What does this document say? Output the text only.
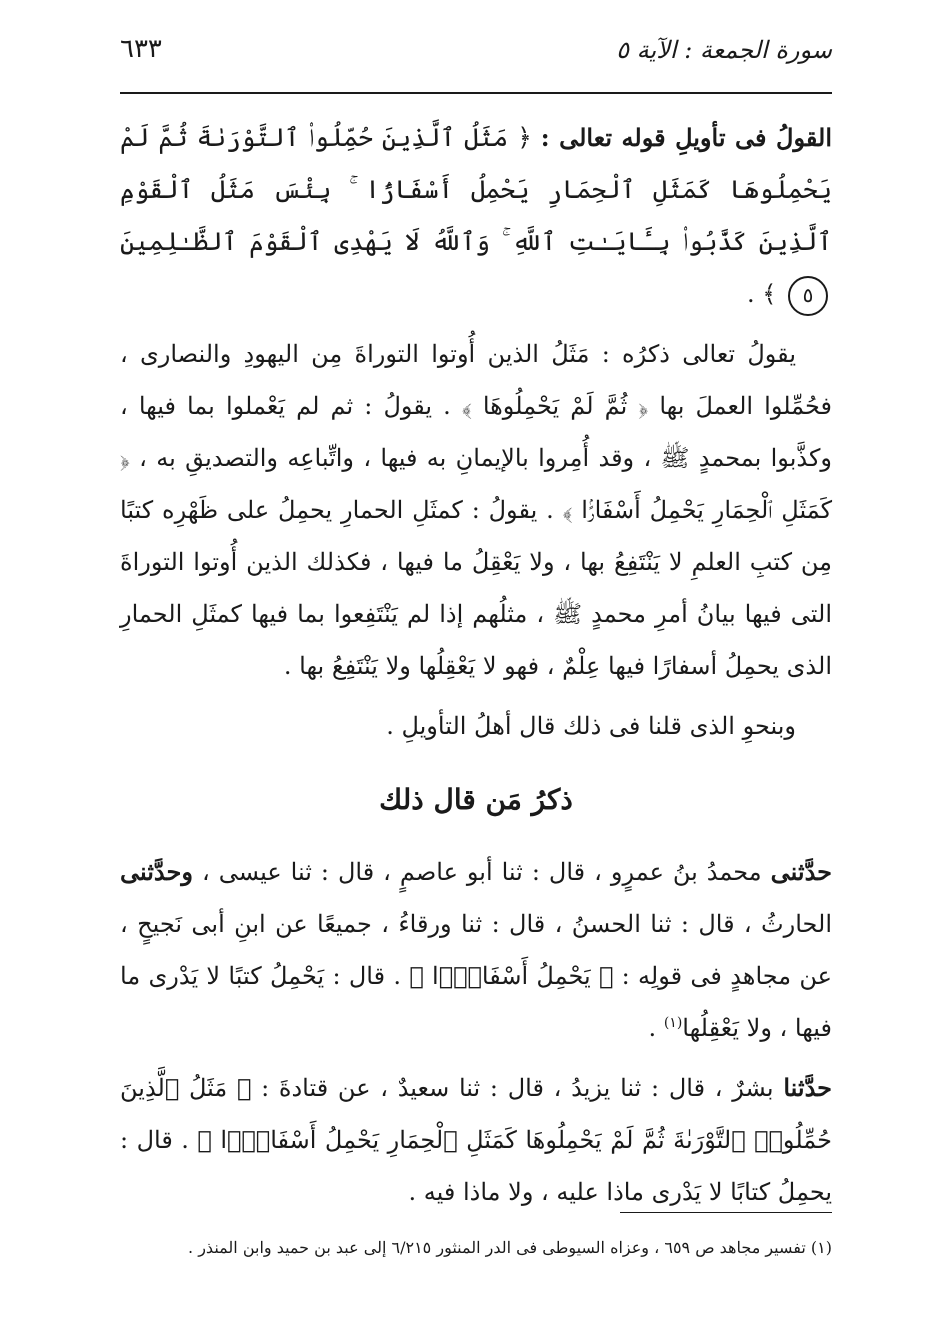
سورة الجمعة : الآية ٥
٦٣٣

القولُ فى تأويلِ قوله تعالى : ﴿ مَثَلُ ٱلَّذِينَ حُمِّلُوا۟ ٱلتَّوْرَىٰةَ ثُمَّ لَمْ يَحْمِلُوهَا كَمَثَلِ ٱلْحِمَارِ يَحْمِلُ أَسْفَارًۢا ۚ بِئْسَ مَثَلُ ٱلْقَوْمِ ٱلَّذِينَ كَذَّبُوا۟ بِـَٔايَـٰتِ ٱللَّهِ ۚ وَٱللَّهُ لَا يَهْدِى ٱلْقَوْمَ ٱلظَّـٰلِمِينَ ٥ ﴾ .

يقولُ تعالى ذكرُه : مَثَلُ الذين أُوتوا التوراةَ مِن اليهودِ والنصارى ، فحُمِّلوا العملَ بها ﴿ ثُمَّ لَمْ يَحْمِلُوهَا ﴾ . يقولُ : ثم لم يَعْملوا بما فيها ، وكذَّبوا بمحمدٍ ﷺ ، وقد أُمِروا بالإيمانِ به فيها ، واتِّباعِه والتصديقِ به ، ﴿ كَمَثَلِ ٱلْحِمَارِ يَحْمِلُ أَسْفَارًۢا ﴾ . يقولُ : كمثَلِ الحمارِ يحمِلُ على ظَهْرِه كتبًا مِن كتبِ العلمِ لا يَنْتَفِعُ بها ، ولا يَعْقِلُ ما فيها ، فكذلك الذين أُوتوا التوراةَ التى فيها بيانُ أمرِ محمدٍ ﷺ ، مثلُهم إذا لم يَنْتَفِعوا بما فيها كمثَلِ الحمارِ الذى يحمِلُ أسفارًا فيها عِلْمٌ ، فهو لا يَعْقِلُها ولا يَنْتَفِعُ بها .

وبنحوِ الذى قلنا فى ذلك قال أهلُ التأويلِ .

ذكرُ مَن قال ذلك

حدَّثنى محمدُ بنُ عمرٍو ، قال : ثنا أبو عاصمٍ ، قال : ثنا عيسى ، وحدَّثنى الحارثُ ، قال : ثنا الحسنُ ، قال : ثنا ورقاءُ ، جميعًا عن ابنِ أبى نَجيحٍ ، عن مجاهدٍ فى قولِه : ﴿ يَحْمِلُ أَسْفَارًۢا ﴾ . قال : يَحْمِلُ كتبًا لا يَدْرى ما فيها ، ولا يَعْقِلُها$^{(١)}$ .

حدَّثنا بشرٌ ، قال : ثنا يزيدُ ، قال : ثنا سعيدٌ ، عن قتادةَ : ﴿ مَثَلُ ٱلَّذِينَ حُمِّلُوا۟ ٱلتَّوْرَىٰةَ ثُمَّ لَمْ يَحْمِلُوهَا كَمَثَلِ ٱلْحِمَارِ يَحْمِلُ أَسْفَارًۢا ﴾ . قال : يحمِلُ كتابًا لا يَدْرى ماذا عليه ، ولا ماذا فيه .

(١) تفسير مجاهد ص ٦٥٩ ، وعزاه السيوطى فى الدر المنثور ٦/٢١٥ إلى عبد بن حميد وابن المنذر .
